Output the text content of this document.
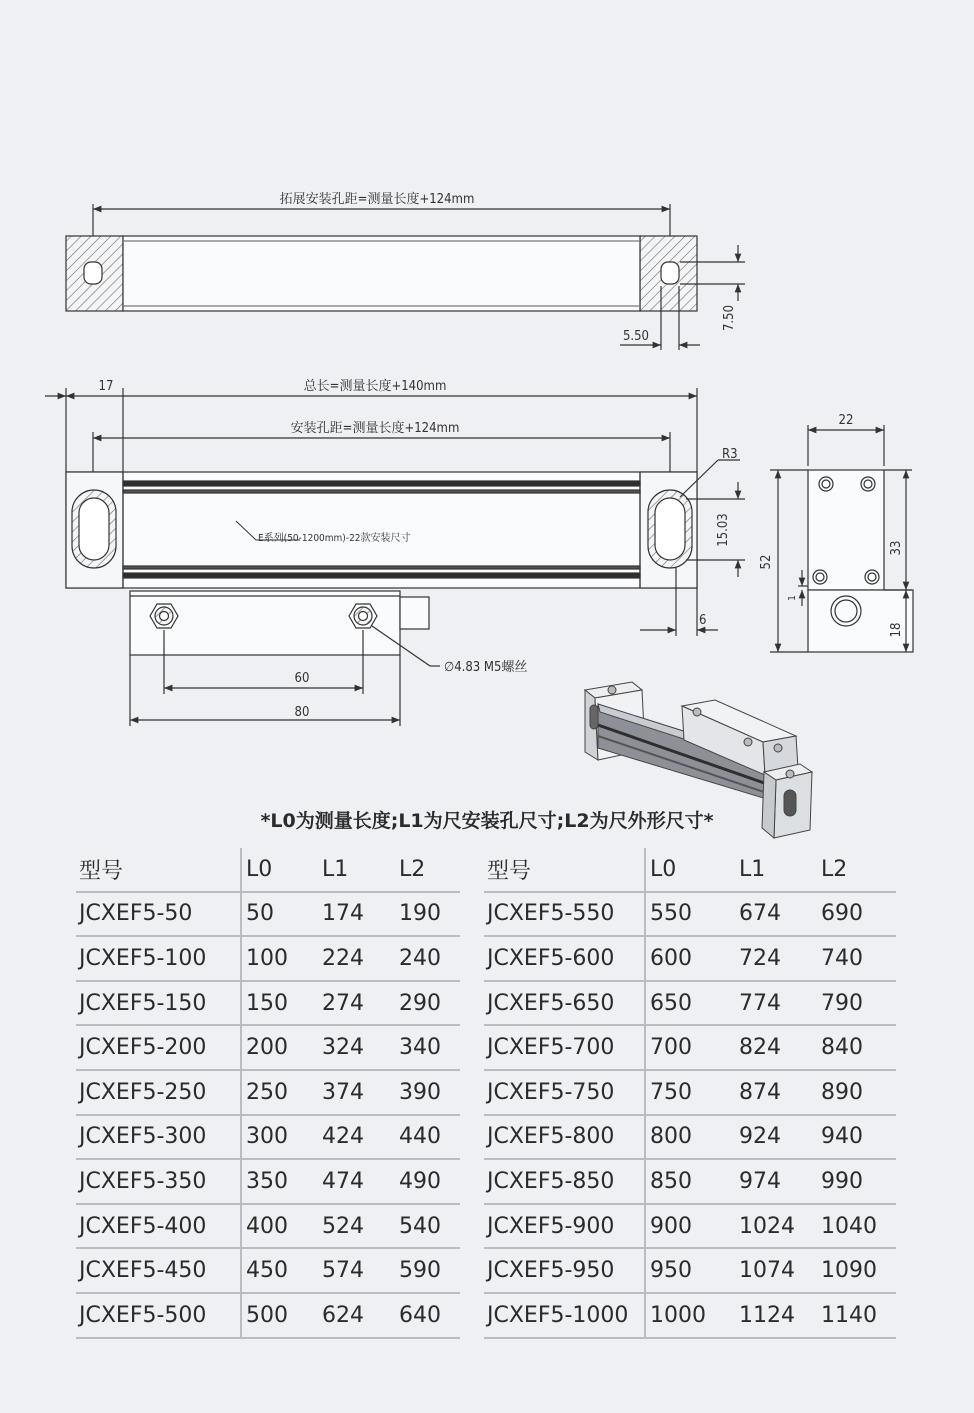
拓展安装孔距=测量长度+124mm
5.50
7.50
17	总长=测量长度+140mm
安装孔距=测量长度+124mm
E系列(50-1200mm)-22款安装尺寸
R3
15.03
6
∅4.83 M5螺丝
60
80
22
52
33
18
1
*L0为测量长度;L1为尺安装孔尺寸;L2为尺外形尺寸*
型号	L0	L1	L2
JCXEF5-50	50	174	190
JCXEF5-100	100	224	240
JCXEF5-150	150	274	290
JCXEF5-200	200	324	340
JCXEF5-250	250	374	390
JCXEF5-300	300	424	440
JCXEF5-350	350	474	490
JCXEF5-400	400	524	540
JCXEF5-450	450	574	590
JCXEF5-500	500	624	640
型号	L0	L1	L2
JCXEF5-550	550	674	690
JCXEF5-600	600	724	740
JCXEF5-650	650	774	790
JCXEF5-700	700	824	840
JCXEF5-750	750	874	890
JCXEF5-800	800	924	940
JCXEF5-850	850	974	990
JCXEF5-900	900	1024	1040
JCXEF5-950	950	1074	1090
JCXEF5-1000	1000	1124	1140
